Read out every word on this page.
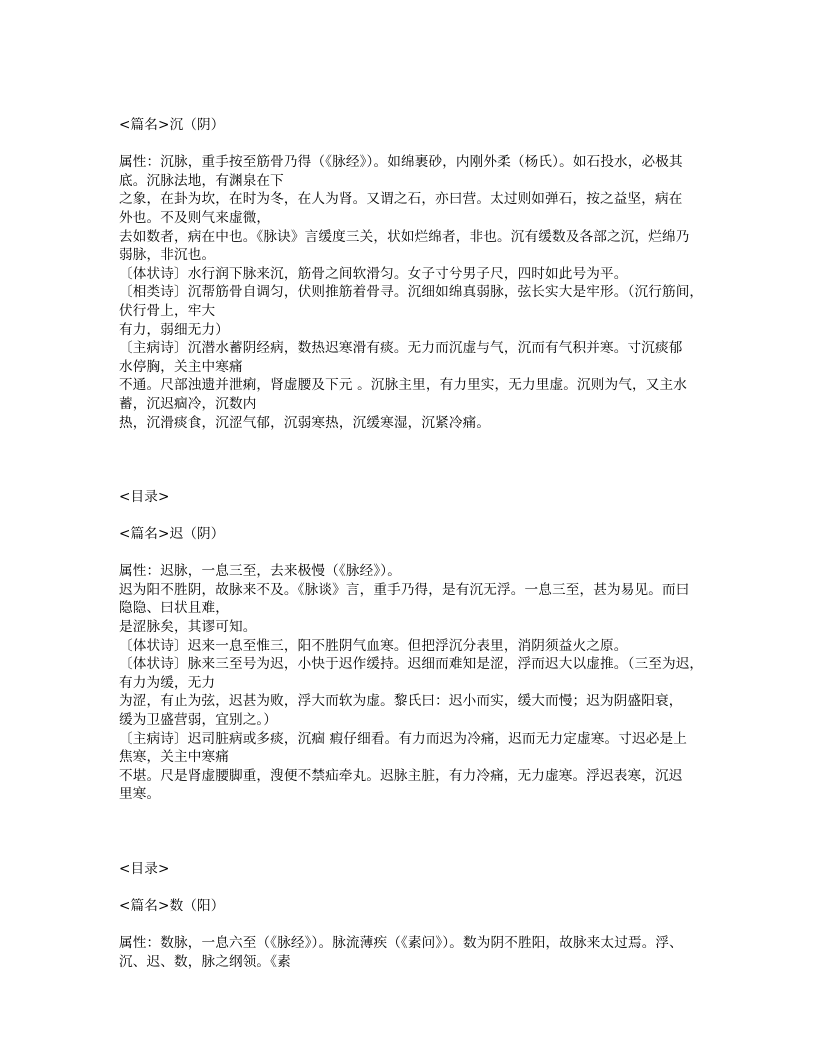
<篇名>沉（阴）
属性：沉脉，重手按至筋骨乃得（《脉经》）。如绵裹砂，内刚外柔（杨氏）。如石投水，必极其
底。沉脉法地，有渊泉在下
之象，在卦为坎，在时为冬，在人为肾。又谓之石，亦曰营。太过则如弹石，按之益坚，病在
外也。不及则气来虚微，
去如数者，病在中也。《脉诀》言缓度三关，状如烂绵者，非也。沉有缓数及各部之沉，烂绵乃
弱脉，非沉也。
〔体状诗〕水行润下脉来沉，筋骨之间软滑匀。女子寸兮男子尺，四时如此号为平。
〔相类诗〕沉帮筋骨自调匀，伏则推筋着骨寻。沉细如绵真弱脉，弦长实大是牢形。（沉行筋间，
伏行骨上，牢大
有力，弱细无力）
〔主病诗〕沉潜水蓄阴经病，数热迟寒滑有痰。无力而沉虚与气，沉而有气积并寒。寸沉痰郁
水停胸，关主中寒痛
不通。尺部浊遗并泄痢，肾虚腰及下元 。沉脉主里，有力里实，无力里虚。沉则为气，又主水
蓄，沉迟痼冷，沉数内
热，沉滑痰食，沉涩气郁，沉弱寒热，沉缓寒湿，沉紧冷痛。
<目录>
<篇名>迟（阴）
属性：迟脉，一息三至，去来极慢（《脉经》）。
迟为阳不胜阴，故脉来不及。《脉谈》言，重手乃得，是有沉无浮。一息三至，甚为易见。而曰
隐隐、曰状且难，
是涩脉矣，其谬可知。
〔体状诗〕迟来一息至惟三，阳不胜阴气血寒。但把浮沉分表里，消阴须益火之原。
〔体状诗〕脉来三至号为迟，小快于迟作缓持。迟细而难知是涩，浮而迟大以虚推。（三至为迟，
有力为缓，无力
为涩，有止为弦，迟甚为败，浮大而软为虚。黎氏曰：迟小而实，缓大而慢；迟为阴盛阳衰，
缓为卫盛营弱，宜别之。）
〔主病诗〕迟司脏病或多痰，沉痼 瘕仔细看。有力而迟为冷痛，迟而无力定虚寒。寸迟必是上
焦寒，关主中寒痛
不堪。尺是肾虚腰脚重，溲便不禁疝牵丸。迟脉主脏，有力冷痛，无力虚寒。浮迟表寒，沉迟
里寒。
<目录>
<篇名>数（阳）
属性：数脉，一息六至（《脉经》）。脉流薄疾（《素问》）。数为阴不胜阳，故脉来太过焉。浮、
沉、迟、数，脉之纲领。《素
